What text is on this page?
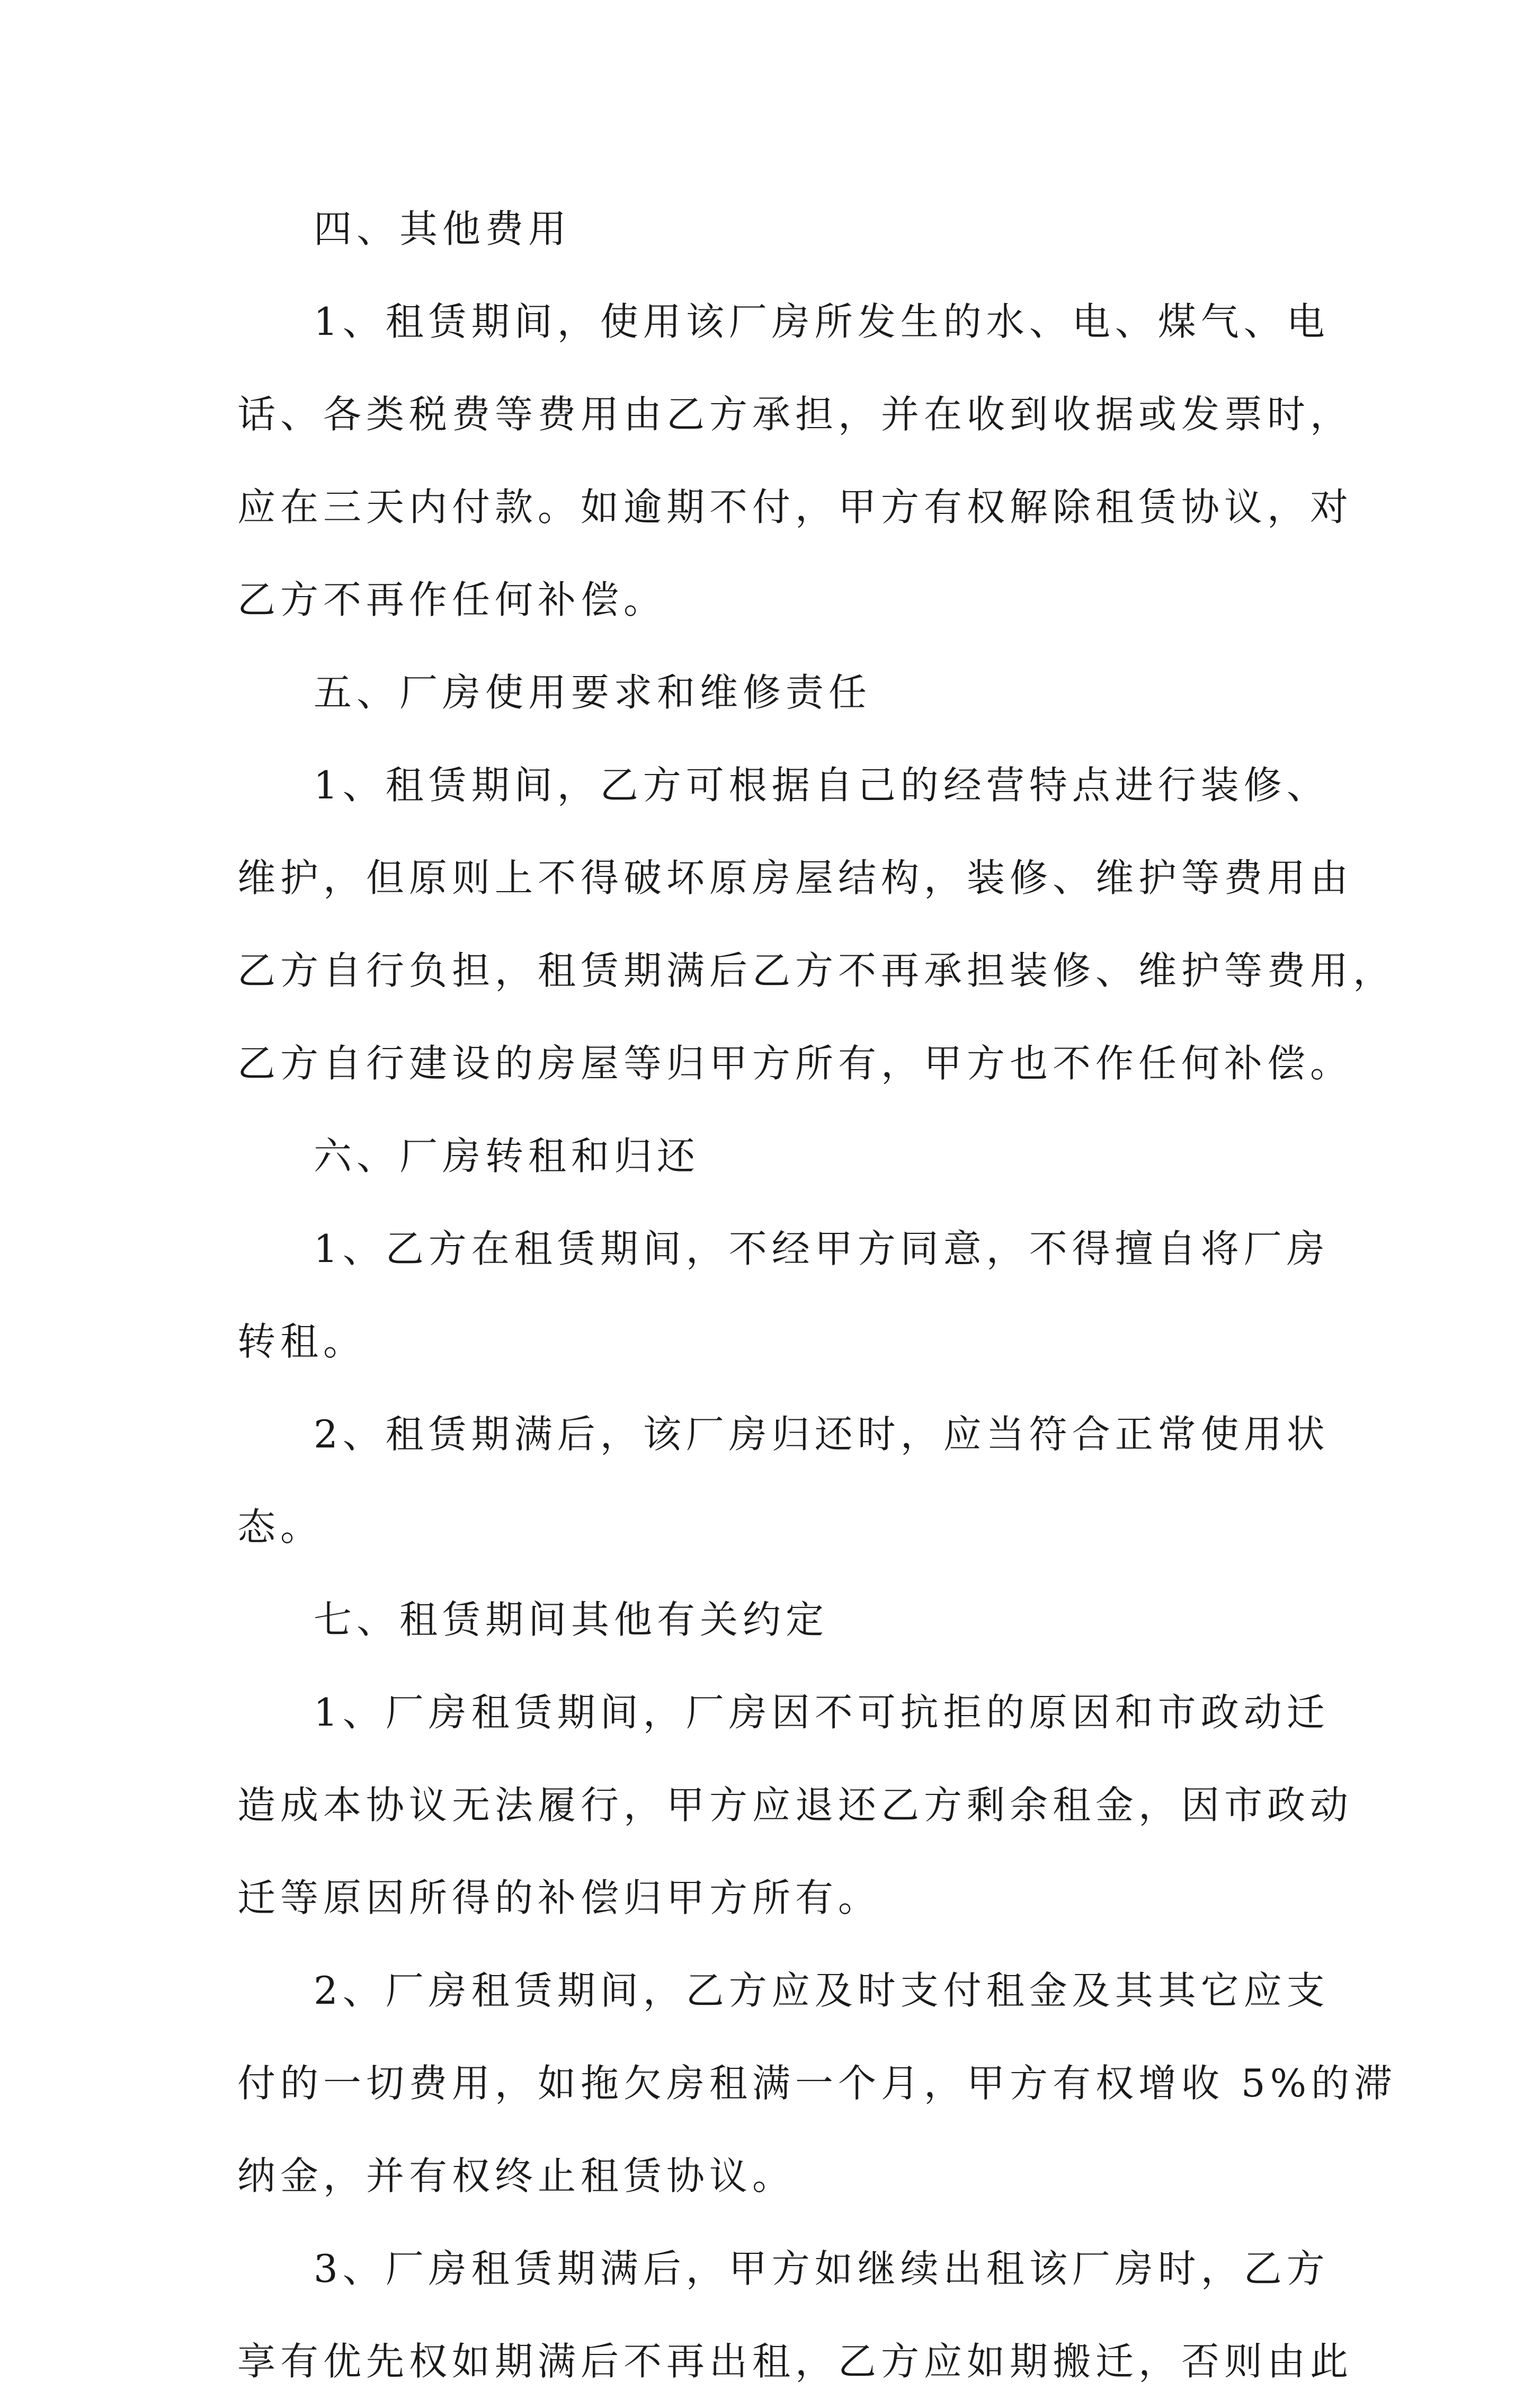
四、其他费用

1、租赁期间，使用该厂房所发生的水、电、煤气、电
话、各类税费等费用由乙方承担，并在收到收据或发票时，
应在三天内付款。如逾期不付，甲方有权解除租赁协议，对
乙方不再作任何补偿。

五、厂房使用要求和维修责任

1、租赁期间，乙方可根据自己的经营特点进行装修、
维护，但原则上不得破坏原房屋结构，装修、维护等费用由
乙方自行负担，租赁期满后乙方不再承担装修、维护等费用，
乙方自行建设的房屋等归甲方所有，甲方也不作任何补偿。

六、厂房转租和归还

1、乙方在租赁期间，不经甲方同意，不得擅自将厂房
转租。

2、租赁期满后，该厂房归还时，应当符合正常使用状
态。

七、租赁期间其他有关约定

1、厂房租赁期间，厂房因不可抗拒的原因和市政动迁
造成本协议无法履行，甲方应退还乙方剩余租金，因市政动
迁等原因所得的补偿归甲方所有。

2、厂房租赁期间，乙方应及时支付租金及其其它应支
付的一切费用，如拖欠房租满一个月，甲方有权增收 5%的滞
纳金，并有权终止租赁协议。

3、厂房租赁期满后，甲方如继续出租该厂房时，乙方
享有优先权如期满后不再出租，乙方应如期搬迁，否则由此
